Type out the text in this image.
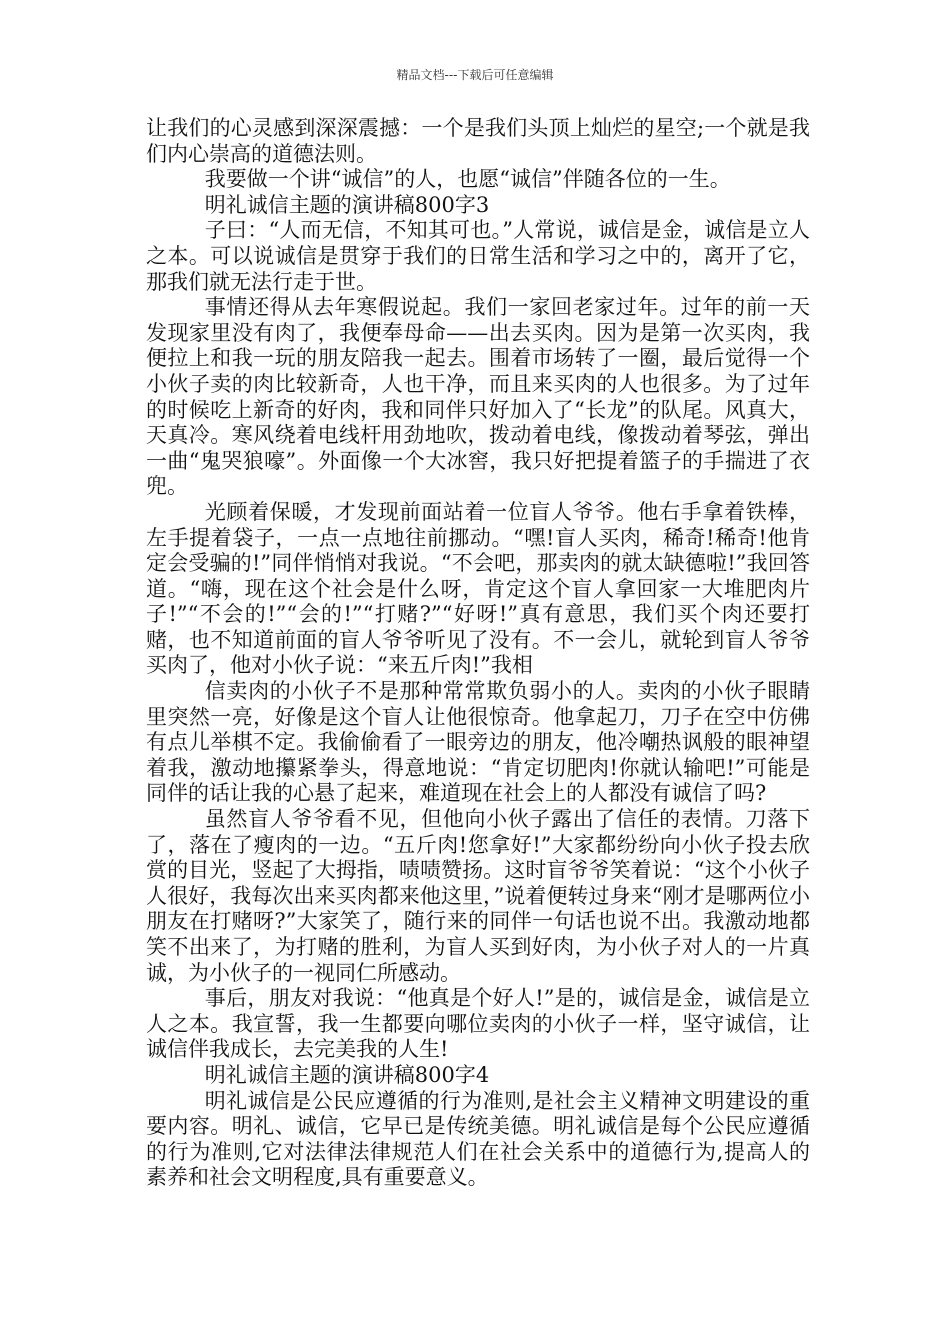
精品文档---下载后可任意编辑

让我们的心灵感到深深震撼：一个是我们头顶上灿烂的星空;一个就是我们内心崇高的道德法则。

我要做一个讲“诚信”的人，也愿“诚信”伴随各位的一生。

明礼诚信主题的演讲稿800字3

子曰：“人而无信，不知其可也。”人常说，诚信是金，诚信是立人之本。可以说诚信是贯穿于我们的日常生活和学习之中的，离开了它，那我们就无法行走于世。

事情还得从去年寒假说起。我们一家回老家过年。过年的前一天发现家里没有肉了，我便奉母命——出去买肉。因为是第一次买肉，我便拉上和我一玩的朋友陪我一起去。围着市场转了一圈，最后觉得一个小伙子卖的肉比较新奇，人也干净，而且来买肉的人也很多。为了过年的时候吃上新奇的好肉，我和同伴只好加入了“长龙”的队尾。风真大，天真冷。寒风绕着电线杆用劲地吹，拨动着电线，像拨动着琴弦，弹出一曲“鬼哭狼嚎”。外面像一个大冰窖，我只好把提着篮子的手揣进了衣兜。

光顾着保暖，才发现前面站着一位盲人爷爷。他右手拿着铁棒，左手提着袋子，一点一点地往前挪动。“嘿!盲人买肉，稀奇!稀奇!他肯定会受骗的!”同伴悄悄对我说。“不会吧，那卖肉的就太缺德啦!”我回答道。“嗨，现在这个社会是什么呀，肯定这个盲人拿回家一大堆肥肉片子!”“不会的!”“会的!”“打赌?”“好呀!”真有意思，我们买个肉还要打赌，也不知道前面的盲人爷爷听见了没有。不一会儿，就轮到盲人爷爷买肉了，他对小伙子说：“来五斤肉!”我相

信卖肉的小伙子不是那种常常欺负弱小的人。卖肉的小伙子眼睛里突然一亮，好像是这个盲人让他很惊奇。他拿起刀，刀子在空中仿佛有点儿举棋不定。我偷偷看了一眼旁边的朋友，他冷嘲热讽般的眼神望着我，激动地攥紧拳头，得意地说：“肯定切肥肉!你就认输吧!”可能是同伴的话让我的心悬了起来，难道现在社会上的人都没有诚信了吗?

虽然盲人爷爷看不见，但他向小伙子露出了信任的表情。刀落下了，落在了瘦肉的一边。“五斤肉!您拿好!”大家都纷纷向小伙子投去欣赏的目光，竖起了大拇指，啧啧赞扬。这时盲爷爷笑着说：“这个小伙子人很好，我每次出来买肉都来他这里，”说着便转过身来“刚才是哪两位小朋友在打赌呀?”大家笑了，随行来的同伴一句话也说不出。我激动地都笑不出来了，为打赌的胜利，为盲人买到好肉，为小伙子对人的一片真诚，为小伙子的一视同仁所感动。

事后，朋友对我说：“他真是个好人!”是的，诚信是金，诚信是立人之本。我宣誓，我一生都要向哪位卖肉的小伙子一样，坚守诚信，让诚信伴我成长，去完美我的人生!

明礼诚信主题的演讲稿800字4

明礼诚信是公民应遵循的行为准则,是社会主义精神文明建设的重要内容。明礼、诚信，它早已是传统美德。明礼诚信是每个公民应遵循的行为准则,它对法律法律规范人们在社会关系中的道德行为,提高人的素养和社会文明程度,具有重要意义。
